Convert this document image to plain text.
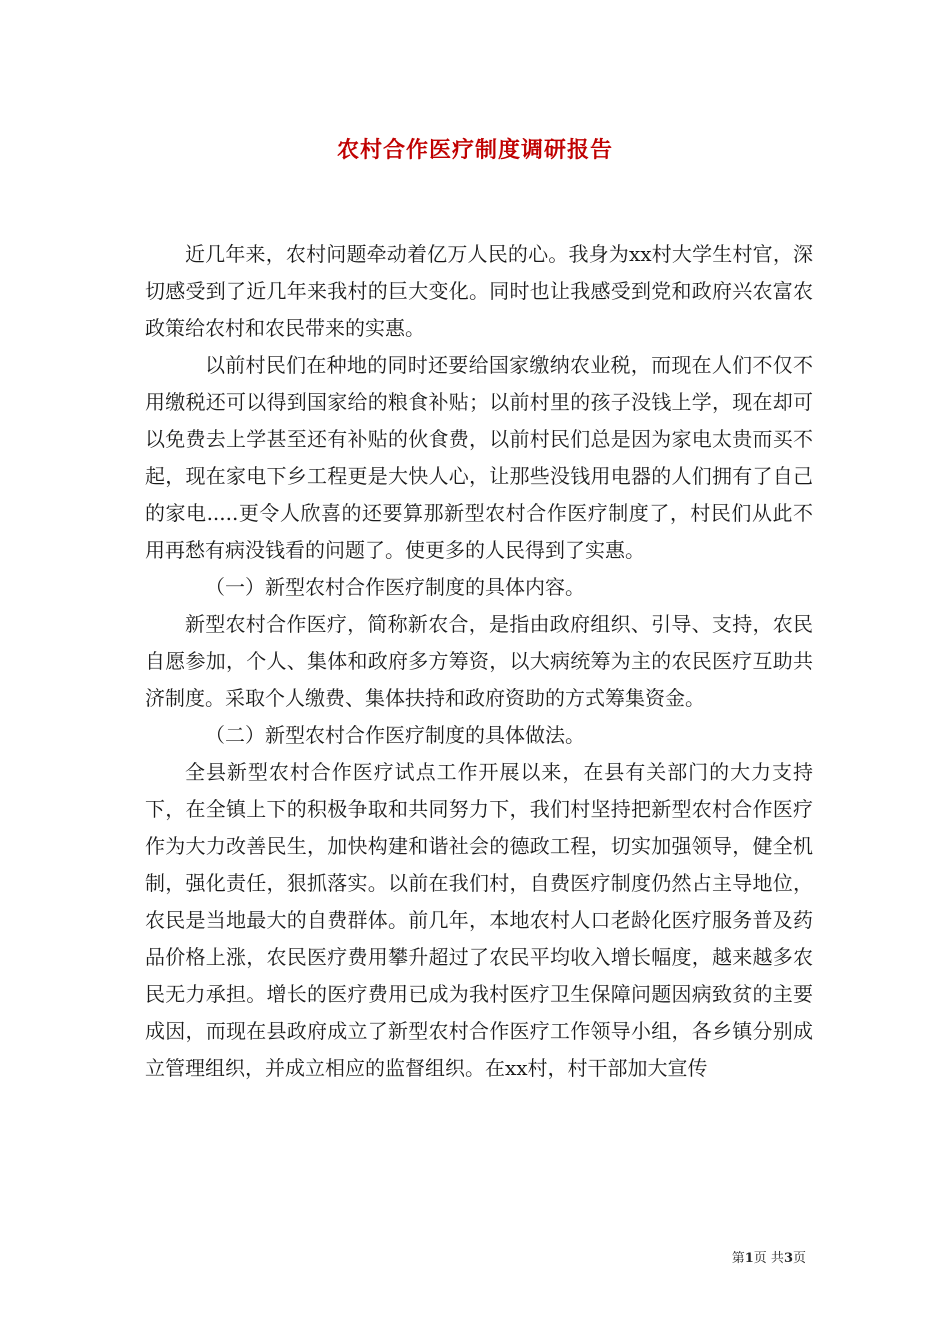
农村合作医疗制度调研报告

近几年来，农村问题牵动着亿万人民的心。我身为xx村大学生村官，深切感受到了近几年来我村的巨大变化。同时也让我感受到党和政府兴农富农政策给农村和农民带来的实惠。

以前村民们在种地的同时还要给国家缴纳农业税，而现在人们不仅不用缴税还可以得到国家给的粮食补贴；以前村里的孩子没钱上学，现在却可以免费去上学甚至还有补贴的伙食费，以前村民们总是因为家电太贵而买不起，现在家电下乡工程更是大快人心，让那些没钱用电器的人们拥有了自己的家电.....更令人欣喜的还要算那新型农村合作医疗制度了，村民们从此不用再愁有病没钱看的问题了。使更多的人民得到了实惠。

（一）新型农村合作医疗制度的具体内容。

新型农村合作医疗，简称新农合，是指由政府组织、引导、支持，农民自愿参加，个人、集体和政府多方筹资，以大病统筹为主的农民医疗互助共济制度。采取个人缴费、集体扶持和政府资助的方式筹集资金。

（二）新型农村合作医疗制度的具体做法。

全县新型农村合作医疗试点工作开展以来，在县有关部门的大力支持下，在全镇上下的积极争取和共同努力下，我们村坚持把新型农村合作医疗作为大力改善民生，加快构建和谐社会的德政工程，切实加强领导，健全机制，强化责任，狠抓落实。以前在我们村，自费医疗制度仍然占主导地位，农民是当地最大的自费群体。前几年，本地农村人口老龄化医疗服务普及药品价格上涨，农民医疗费用攀升超过了农民平均收入增长幅度，越来越多农民无力承担。增长的医疗费用已成为我村医疗卫生保障问题因病致贫的主要成因，而现在县政府成立了新型农村合作医疗工作领导小组，各乡镇分别成立管理组织，并成立相应的监督组织。在xx村，村干部加大宣传

第1页 共3页
